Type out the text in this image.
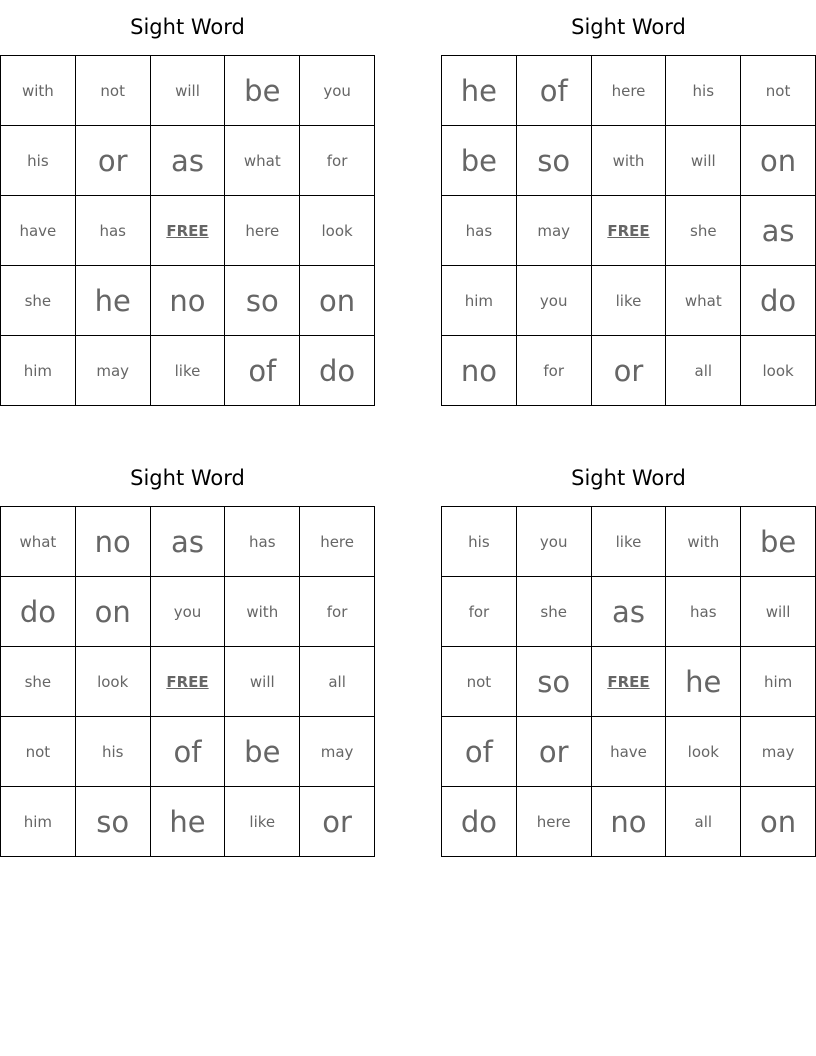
Sight Word
with	not	will	be	you
his	or	as	what	for
have	has	FREE	here	look
she	he	no	so	on
him	may	like	of	do
Sight Word
he	of	here	his	not
be	so	with	will	on
has	may	FREE	she	as
him	you	like	what	do
no	for	or	all	look
Sight Word
what	no	as	has	here
do	on	you	with	for
she	look	FREE	will	all
not	his	of	be	may
him	so	he	like	or
Sight Word
his	you	like	with	be
for	she	as	has	will
not	so	FREE	he	him
of	or	have	look	may
do	here	no	all	on
